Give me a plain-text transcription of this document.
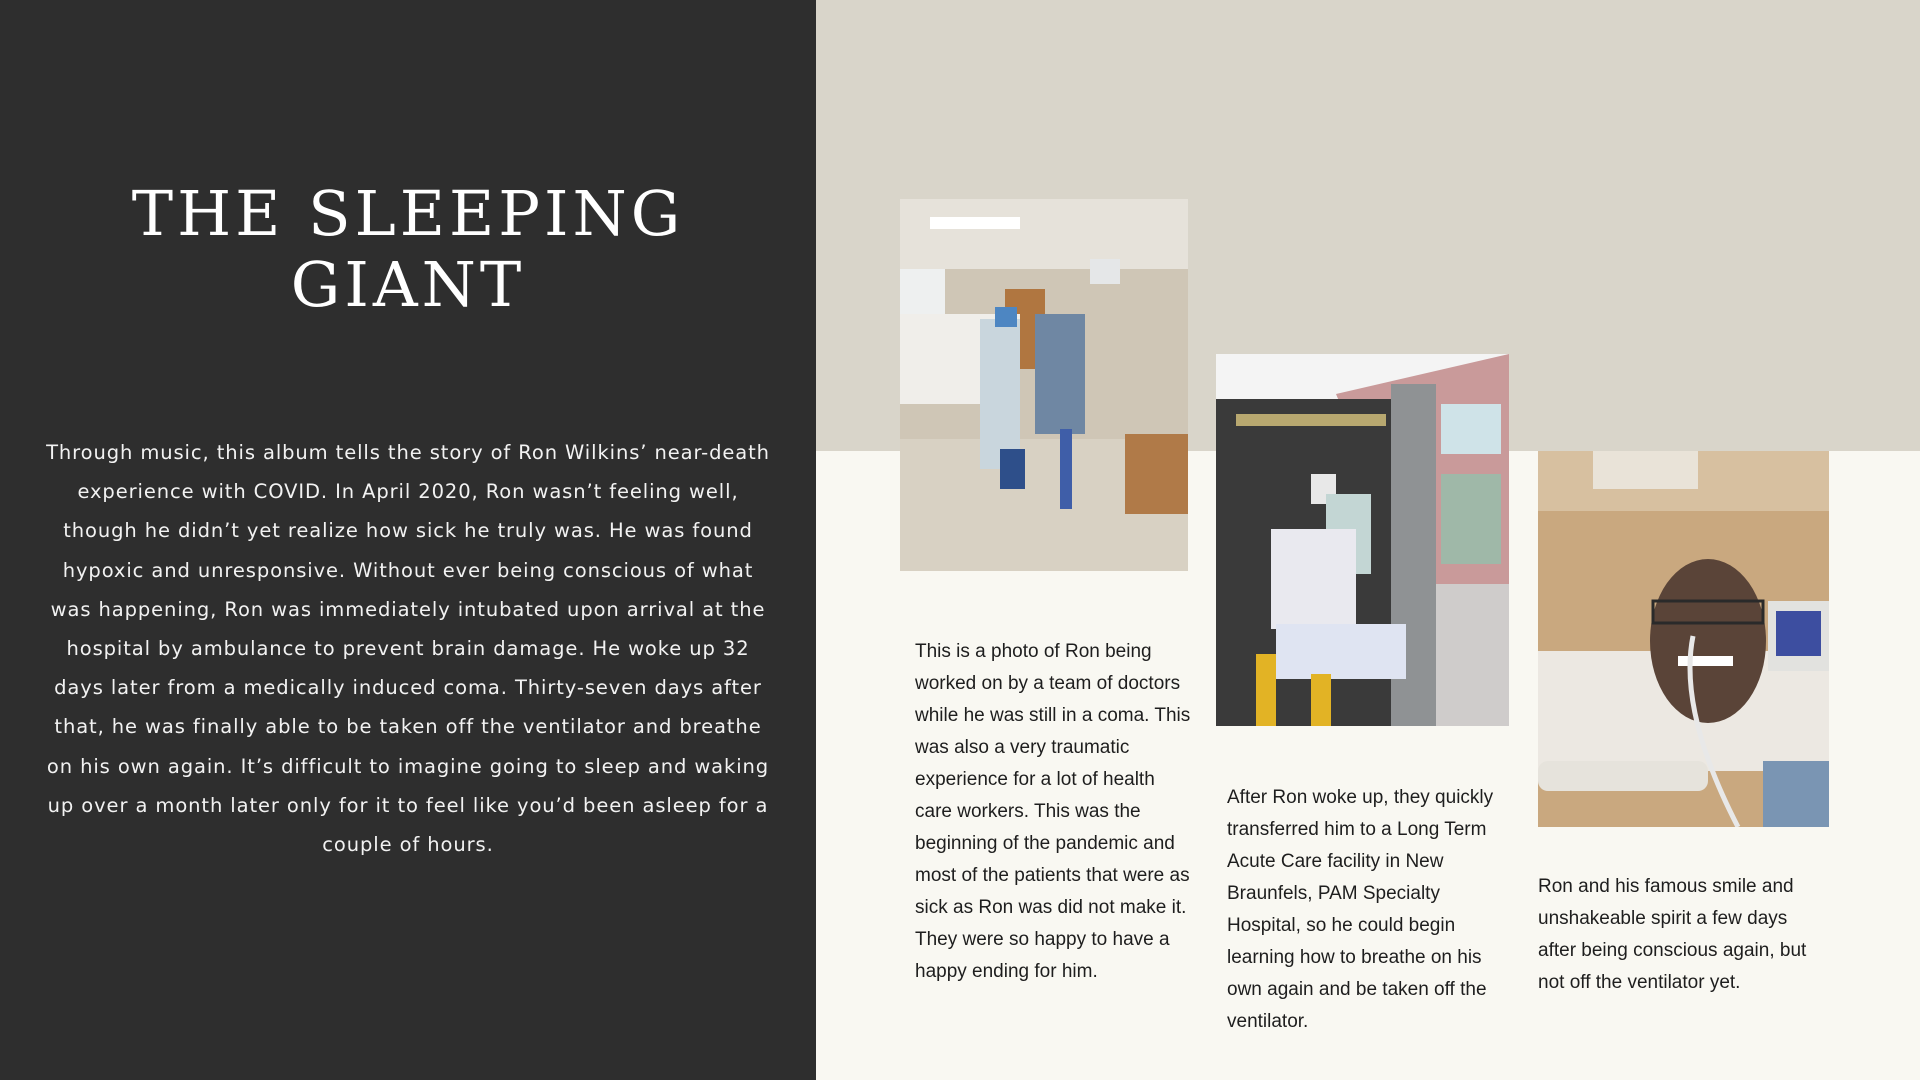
THE SLEEPING
GIANT

Through music, this album tells the story of Ron Wilkins’ near-death experience with COVID. In April 2020, Ron wasn’t feeling well, though he didn’t yet realize how sick he truly was. He was found hypoxic and unresponsive. Without ever being conscious of what was happening, Ron was immediately intubated upon arrival at the hospital by ambulance to prevent brain damage. He woke up 32 days later from a medically induced coma. Thirty-seven days after that, he was finally able to be taken off the ventilator and breathe on his own again. It’s difficult to imagine going to sleep and waking up over a month later only for it to feel like you’d been asleep for a couple of hours.

This is a photo of Ron being worked on by a team of doctors while he was still in a coma. This was also a very traumatic experience for a lot of health care workers. This was the beginning of the pandemic and most of the patients that were as sick as Ron was did not make it. They were so happy to have a happy ending for him.

After Ron woke up, they quickly transferred him to a Long Term Acute Care facility in New Braunfels, PAM Specialty Hospital, so he could begin learning how to breathe on his own again and be taken off the ventilator.

Ron and his famous smile and unshakeable spirit a few days after being conscious again, but not off the ventilator yet.
